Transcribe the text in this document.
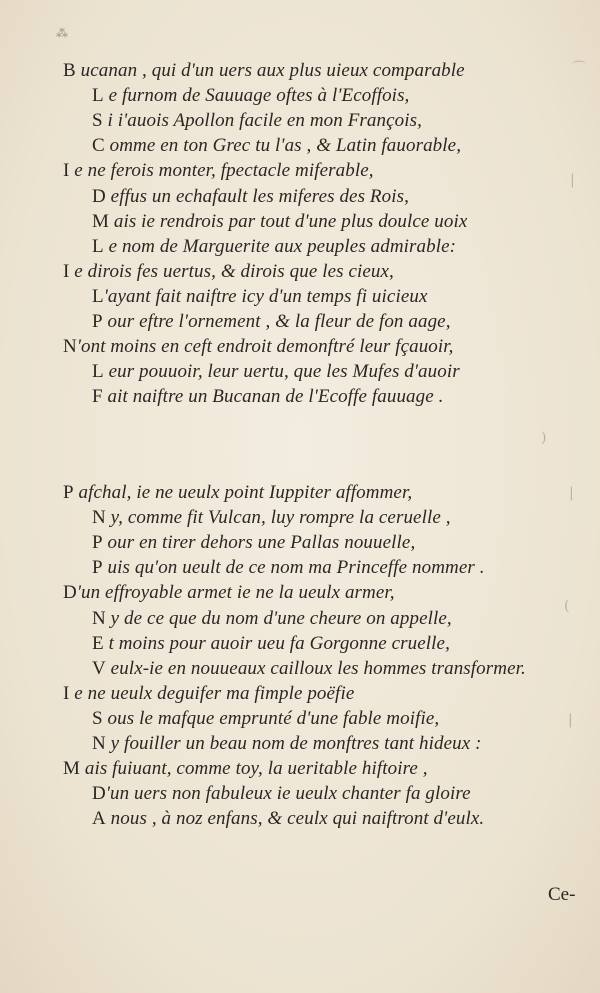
⁂
B ucanan , qui d'un uers aux plus uieux comparable
L e furnom de Sauuage oftes à l'Ecoffois,
S i i'auois Apollon facile en mon François,
C omme en ton Grec tu l'as , & Latin fauorable,
I e ne ferois monter, fpectacle miferable,
D effus un echafault les miferes des Rois,
M ais ie rendrois par tout d'une plus doulce uoix
L e nom de Marguerite aux peuples admirable:
I e dirois fes uertus, & dirois que les cieux,
L'ayant fait naiftre icy d'un temps fi uicieux
P our eftre l'ornement , & la fleur de fon aage,
N'ont moins en ceft endroit demonftré leur fçauoir,
L eur pouuoir, leur uertu, que les Mufes d'auoir
F ait naiftre un Bucanan de l'Ecoffe fauuage .
P afchal, ie ne ueulx point Iuppiter affommer,
N y, comme fit Vulcan, luy rompre la ceruelle ,
P our en tirer dehors une Pallas nouuelle,
P uis qu'on ueult de ce nom ma Princeffe nommer .
D'un effroyable armet ie ne la ueulx armer,
N y de ce que du nom d'une cheure on appelle,
E t moins pour auoir ueu fa Gorgonne cruelle,
V eulx-ie en nouueaux cailloux les hommes transformer.
I e ne ueulx deguifer ma fimple poëfie
S ous le mafque emprunté d'une fable moifie,
N y fouiller un beau nom de monftres tant hideux :
M ais fuiuant, comme toy, la ueritable hiftoire ,
D'un uers non fabuleux ie ueulx chanter fa gloire
A nous , à noz enfans, & ceulx qui naiftront d'eulx.
Ce-
⌒
|
)
|
(
|
